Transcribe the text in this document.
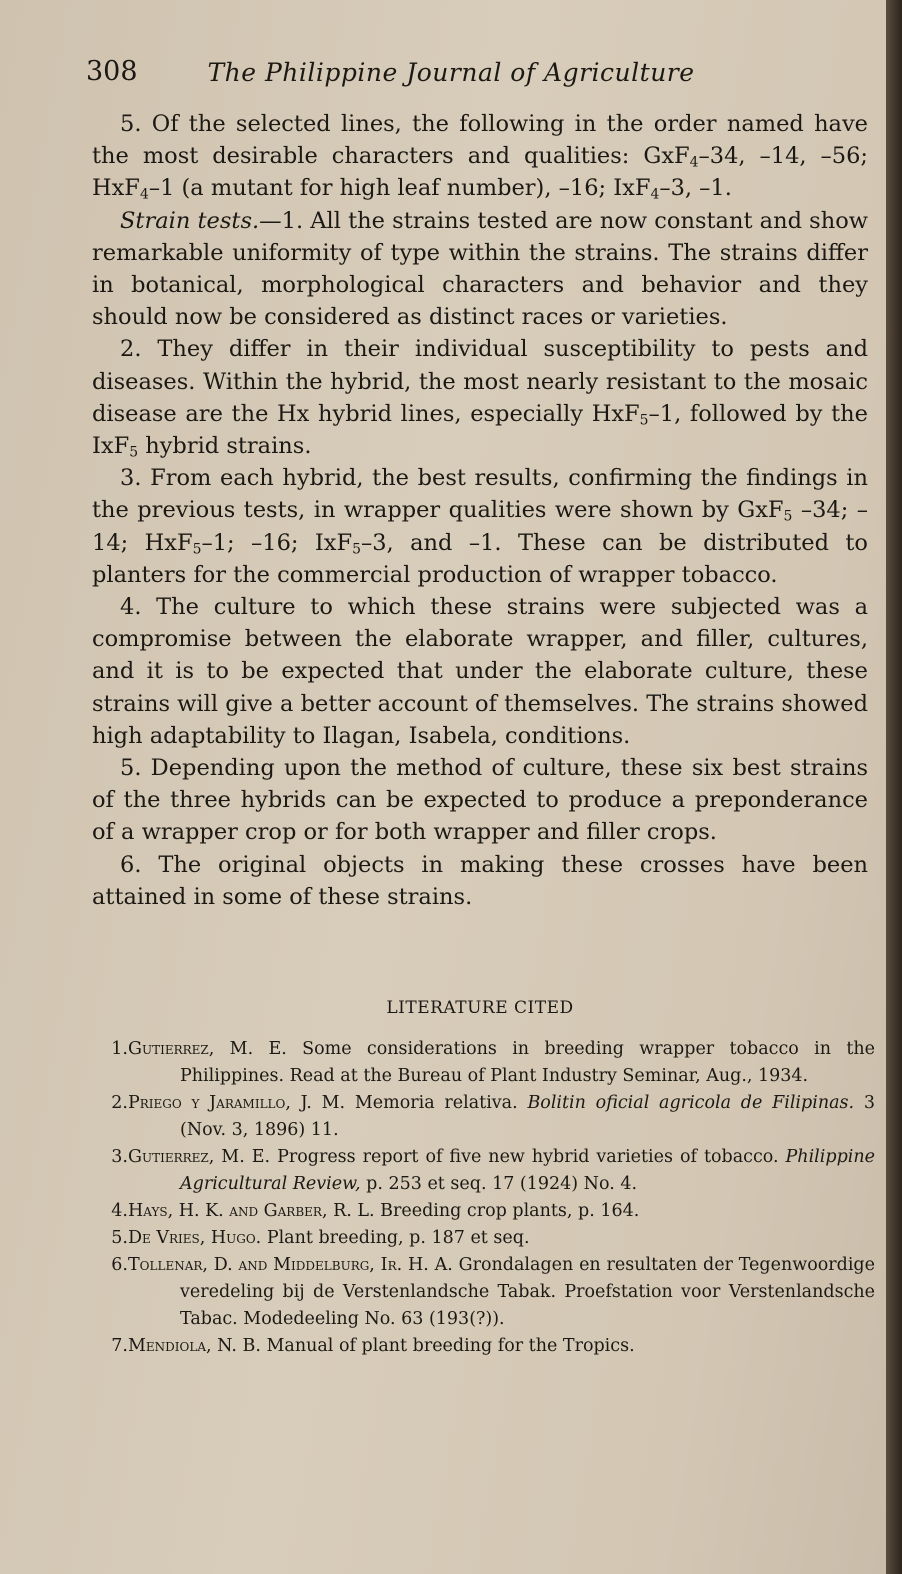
308	The Philippine Journal of Agriculture

5. Of the selected lines, the following in the order named have the most desirable characters and qualities: GxF$_4$–34, –14, –56; HxF$_4$–1 (a mutant for high leaf number), –16; IxF$_4$–3, –1.

Strain tests.—1. All the strains tested are now constant and show remarkable uniformity of type within the strains. The strains differ in botanical, morphological characters and behavior and they should now be considered as distinct races or varieties.

2. They differ in their individual susceptibility to pests and diseases. Within the hybrid, the most nearly resistant to the mosaic disease are the Hx hybrid lines, especially HxF$_5$–1, followed by the IxF$_5$ hybrid strains.

3. From each hybrid, the best results, confirming the findings in the previous tests, in wrapper qualities were shown by GxF$_5$ –34; –14; HxF$_5$–1; –16; IxF$_5$–3, and –1. These can be distributed to planters for the commercial production of wrapper tobacco.

4. The culture to which these strains were subjected was a compromise between the elaborate wrapper, and filler, cultures, and it is to be expected that under the elaborate culture, these strains will give a better account of themselves. The strains showed high adaptability to Ilagan, Isabela, conditions.

5. Depending upon the method of culture, these six best strains of the three hybrids can be expected to produce a preponderance of a wrapper crop or for both wrapper and filler crops.

6. The original objects in making these crosses have been attained in some of these strains.

LITERATURE CITED
1. Gutierrez, M. E. Some considerations in breeding wrapper tobacco in the Philippines. Read at the Bureau of Plant Industry Seminar, Aug., 1934.
2. Priego y Jaramillo, J. M. Memoria relativa. Bolitin oficial agricola de Filipinas. 3 (Nov. 3, 1896) 11.
3. Gutierrez, M. E. Progress report of five new hybrid varieties of tobacco. Philippine Agricultural Review, p. 253 et seq. 17 (1924) No. 4.
4. Hays, H. K. and Garber, R. L. Breeding crop plants, p. 164.
5. De Vries, Hugo. Plant breeding, p. 187 et seq.
6. Tollenar, D. and Middelburg, Ir. H. A. Grondalagen en resultaten der Tegenwoordige veredeling bij de Verstenlandsche Tabak. Proefstation voor Verstenlandsche Tabac. Modedeeling No. 63 (193(?)).
7. Mendiola, N. B. Manual of plant breeding for the Tropics.
